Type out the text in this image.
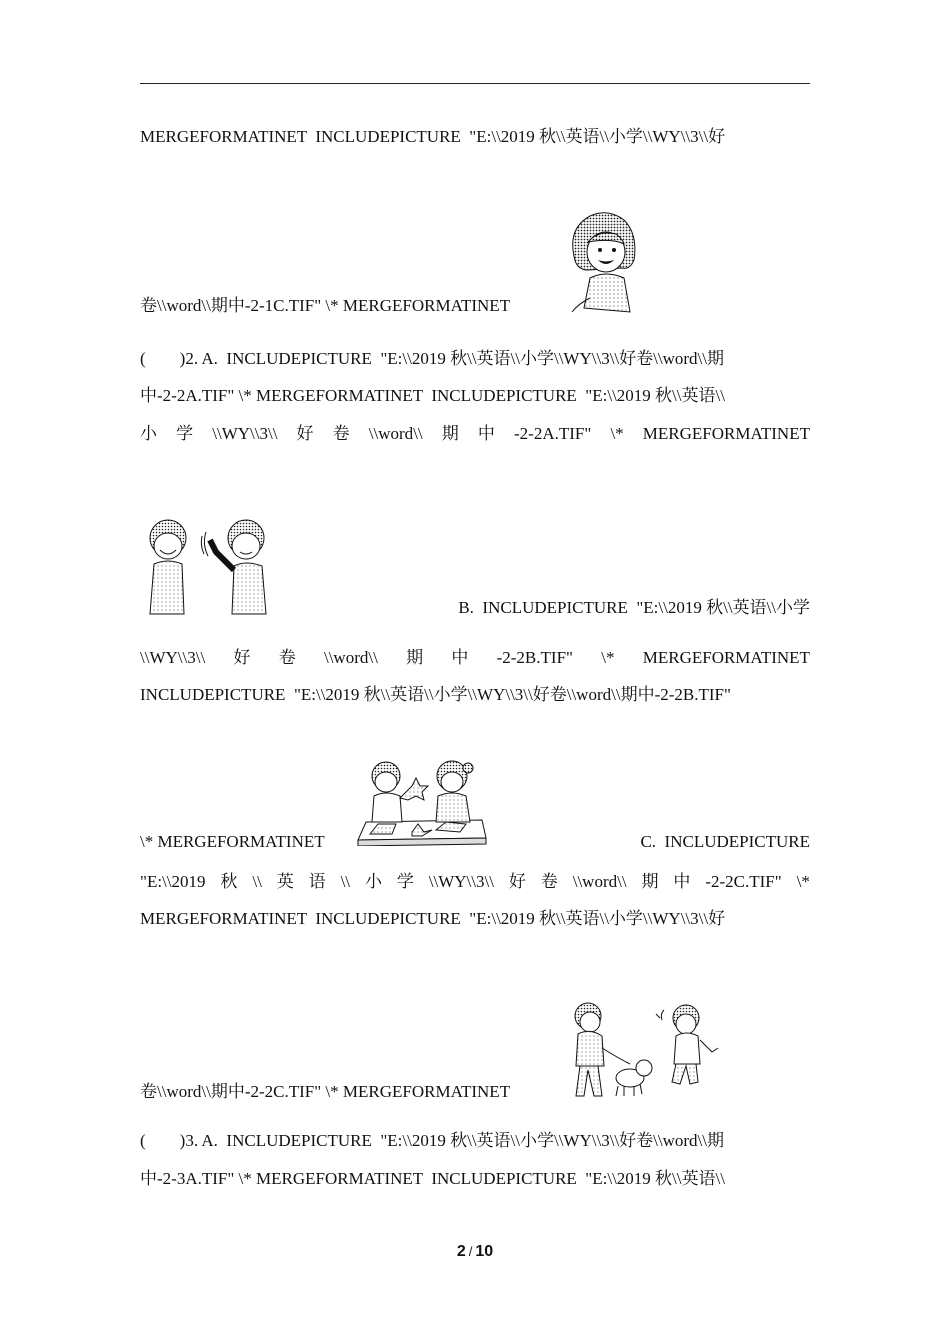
MERGEFORMATINET  INCLUDEPICTURE  "E:\\2019 秋\\英语\\小学\\WY\\3\\好
卷\\word\\期中-2-1C.TIF" \* MERGEFORMATINET
(        )2. A.  INCLUDEPICTURE  "E:\\2019 秋\\英语\\小学\\WY\\3\\好卷\\word\\期
中-2-2A.TIF" \* MERGEFORMATINET  INCLUDEPICTURE  "E:\\2019 秋\\英语\\
小 学 \\WY\\3\\ 好 卷 \\word\\ 期 中 -2-2A.TIF" \* MERGEFORMATINET
B.  INCLUDEPICTURE  "E:\\2019 秋\\英语\\小学
\\WY\\3\\ 好 卷 \\word\\ 期 中 -2-2B.TIF" \* MERGEFORMATINET
INCLUDEPICTURE  "E:\\2019 秋\\英语\\小学\\WY\\3\\好卷\\word\\期中-2-2B.TIF"
\* MERGEFORMATINET	C.  INCLUDEPICTURE
"E:\\2019 秋 \\ 英 语 \\ 小 学 \\WY\\3\\ 好 卷 \\word\\ 期 中 -2-2C.TIF" \*
MERGEFORMATINET  INCLUDEPICTURE  "E:\\2019 秋\\英语\\小学\\WY\\3\\好
卷\\word\\期中-2-2C.TIF" \* MERGEFORMATINET
(        )3. A.  INCLUDEPICTURE  "E:\\2019 秋\\英语\\小学\\WY\\3\\好卷\\word\\期
中-2-3A.TIF" \* MERGEFORMATINET  INCLUDEPICTURE  "E:\\2019 秋\\英语\\
2 / 10
